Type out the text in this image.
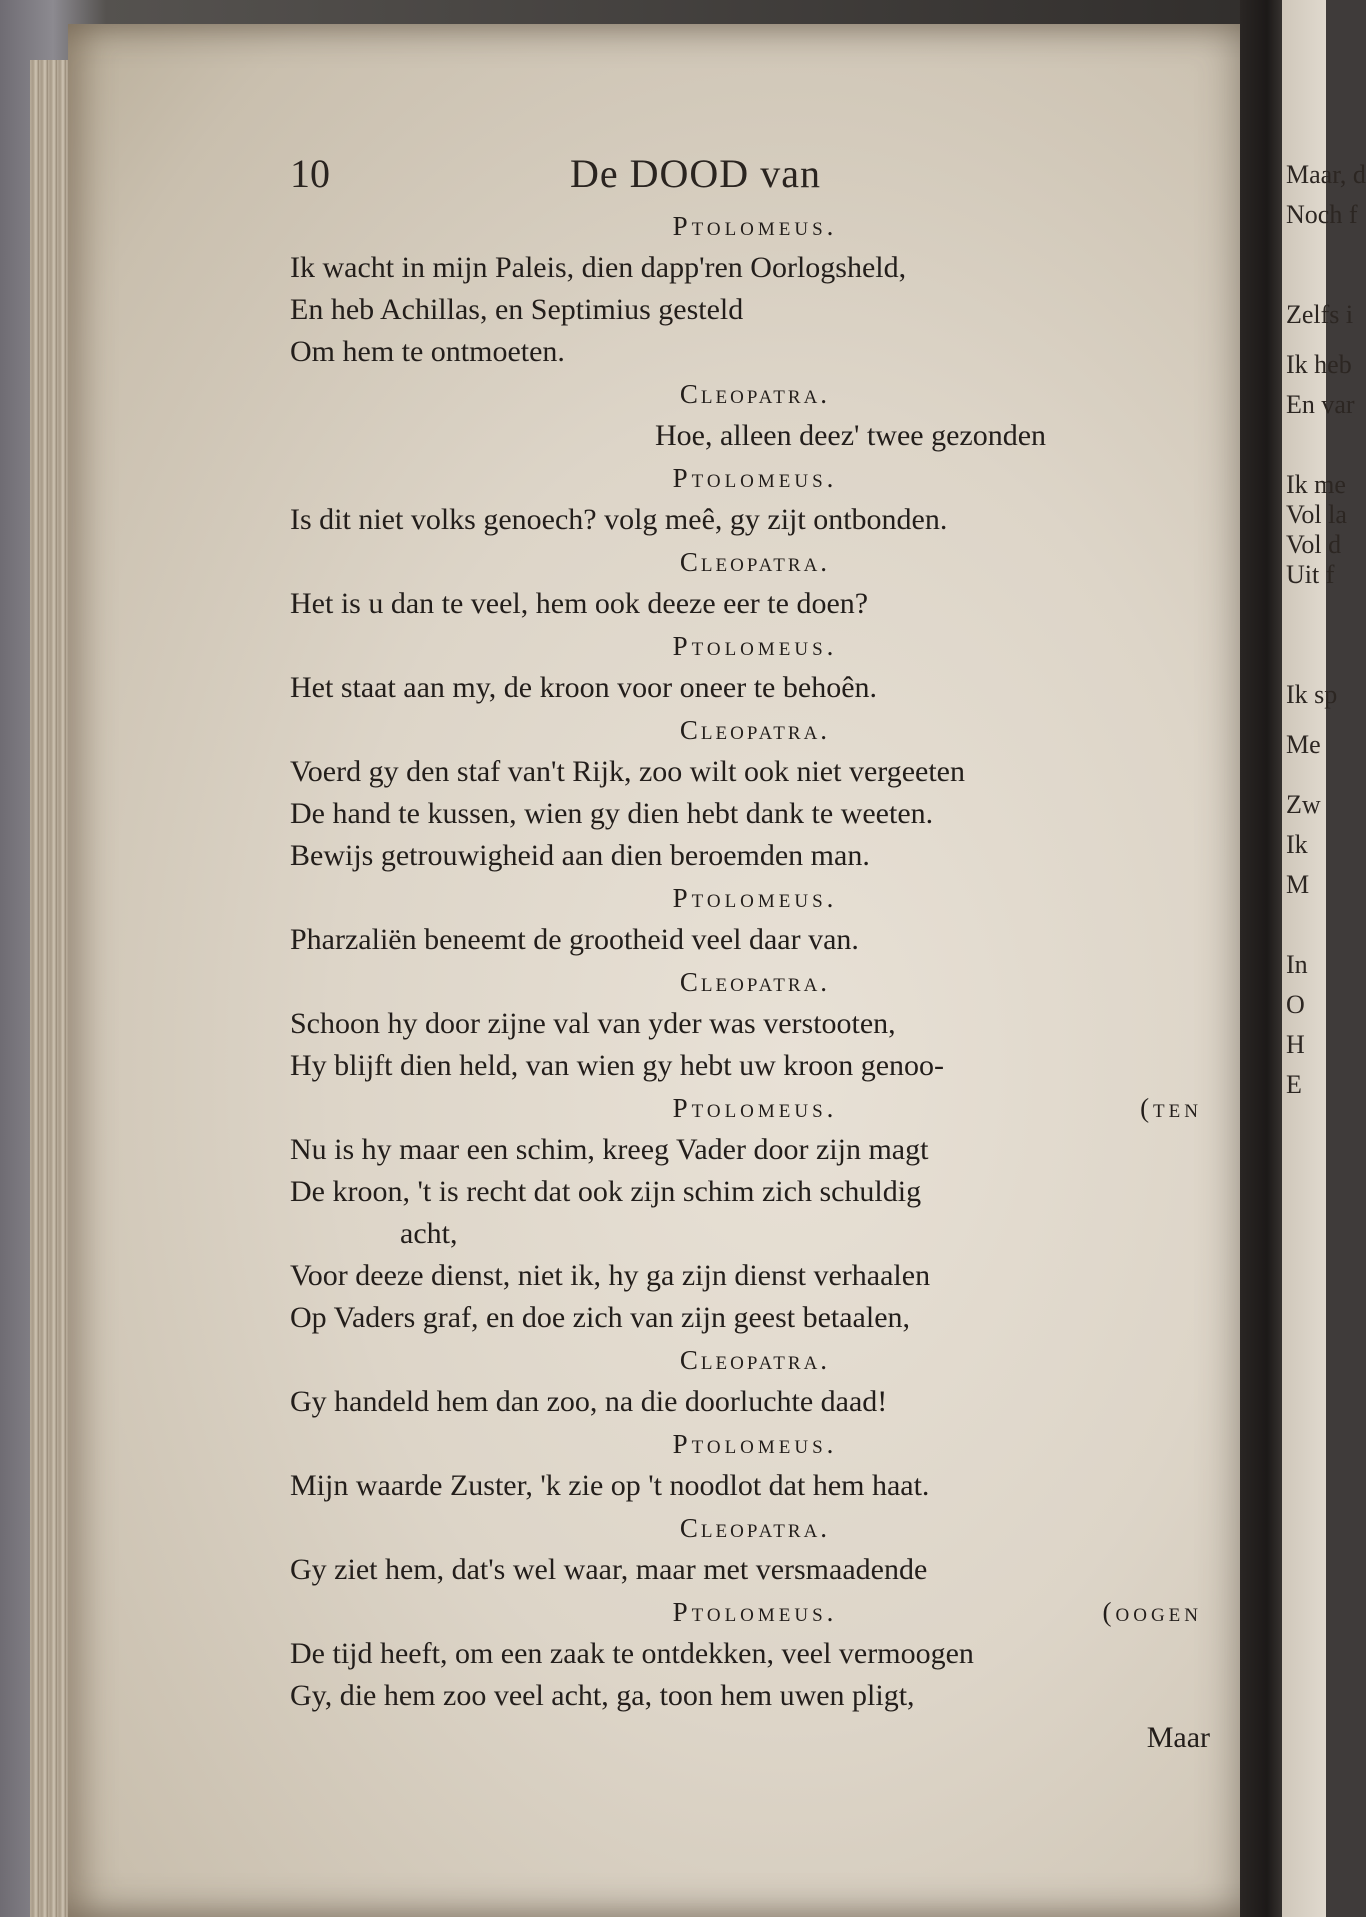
Maar, d
Noch f
Zelfs i
Ik heb
En var
Ik me
Vol la
Vol d
Uit f
Ik sp
Me
Zw
Ik
M
In
O
H
E
10	De DOOD van
Ptolomeus.
Ik wacht in mijn Paleis, dien dapp'ren Oorlogsheld,
En heb Achillas, en Septimius gesteld
Om hem te ontmoeten.
Cleopatra.
Hoe, alleen deez' twee gezonden
Ptolomeus.
Is dit niet volks genoech? volg meê, gy zijt ontbonden.
Cleopatra.
Het is u dan te veel, hem ook deeze eer te doen?
Ptolomeus.
Het staat aan my, de kroon voor oneer te behoên.
Cleopatra.
Voerd gy den staf van't Rijk, zoo wilt ook niet vergeeten
De hand te kussen, wien gy dien hebt dank te weeten.
Bewijs getrouwigheid aan dien beroemden man.
Ptolomeus.
Pharzaliën beneemt de grootheid veel daar van.
Cleopatra.
Schoon hy door zijne val van yder was verstooten,
Hy blijft dien held, van wien gy hebt uw kroon genoo-
Ptolomeus.	(ten
Nu is hy maar een schim, kreeg Vader door zijn magt
De kroon, 't is recht dat ook zijn schim zich schuldig
acht,
Voor deeze dienst, niet ik, hy ga zijn dienst verhaalen
Op Vaders graf, en doe zich van zijn geest betaalen,
Cleopatra.
Gy handeld hem dan zoo, na die doorluchte daad!
Ptolomeus.
Mijn waarde Zuster, 'k zie op 't noodlot dat hem haat.
Cleopatra.
Gy ziet hem, dat's wel waar, maar met versmaadende
Ptolomeus.	(oogen
De tijd heeft, om een zaak te ontdekken, veel vermoogen
Gy, die hem zoo veel acht, ga, toon hem uwen pligt,
Maar
